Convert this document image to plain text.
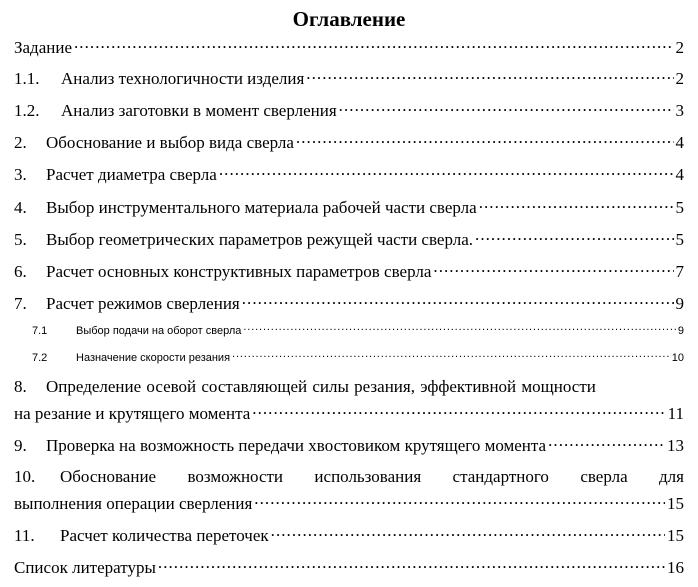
Оглавление
Задание . . .	2
1.1.	Анализ технологичности изделия . . .	2
1.2.	Анализ заготовки в момент сверления . . .	3
2.	Обоснование и выбор вида сверла . . .	4
3.	Расчет диаметра сверла . . .	4
4.	Выбор инструментального материала рабочей части сверла . . .	5
5.	Выбор геометрических параметров режущей части сверла. . . .	5
6.	Расчет основных конструктивных параметров сверла . . .	7
7.	Расчет режимов сверления . . .	9
7.1	Выбор подачи на оборот сверла . . .	9
7.2	Назначение скорости резания . . .	10
8.	Определение осевой составляющей силы резания, эффективной мощности
на резание и крутящего момента . . .	11
9.	Проверка на возможность передачи хвостовиком крутящего момента . . .	13
10.	Обоснование возможности использования стандартного сверла для
выполнения операции сверления . . .	15
11.	Расчет количества переточек . . .	15
Список литературы . . .	16
